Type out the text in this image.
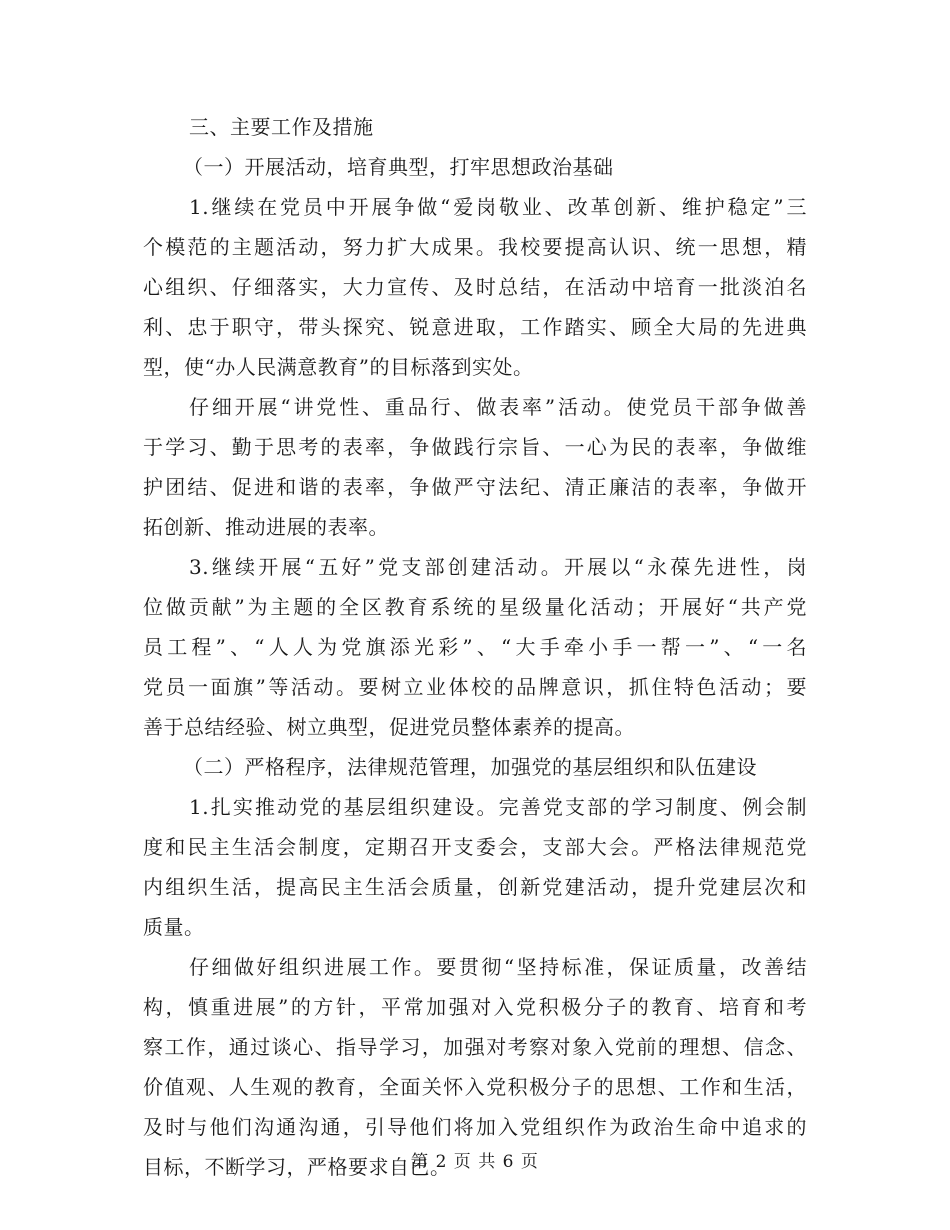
三、主要工作及措施
（一）开展活动，培育典型，打牢思想政治基础
1.继续在党员中开展争做“爱岗敬业、改革创新、维护稳定”三
个模范的主题活动，努力扩大成果。我校要提高认识、统一思想，精
心组织、仔细落实，大力宣传、及时总结，在活动中培育一批淡泊名
利、忠于职守，带头探究、锐意进取，工作踏实、顾全大局的先进典
型，使“办人民满意教育”的目标落到实处。
仔细开展“讲党性、重品行、做表率”活动。使党员干部争做善
于学习、勤于思考的表率，争做践行宗旨、一心为民的表率，争做维
护团结、促进和谐的表率，争做严守法纪、清正廉洁的表率，争做开
拓创新、推动进展的表率。
3.继续开展“五好”党支部创建活动。开展以“永葆先进性，岗
位做贡献”为主题的全区教育系统的星级量化活动；开展好“共产党
员工程”、“人人为党旗添光彩”、“大手牵小手一帮一”、“一名
党员一面旗”等活动。要树立业体校的品牌意识，抓住特色活动；要
善于总结经验、树立典型，促进党员整体素养的提高。
（二）严格程序，法律规范管理，加强党的基层组织和队伍建设
1.扎实推动党的基层组织建设。完善党支部的学习制度、例会制
度和民主生活会制度，定期召开支委会，支部大会。严格法律规范党
内组织生活，提高民主生活会质量，创新党建活动，提升党建层次和
质量。
仔细做好组织进展工作。要贯彻“坚持标准，保证质量，改善结
构，慎重进展”的方针，平常加强对入党积极分子的教育、培育和考
察工作，通过谈心、指导学习，加强对考察对象入党前的理想、信念、
价值观、人生观的教育，全面关怀入党积极分子的思想、工作和生活，
及时与他们沟通沟通，引导他们将加入党组织作为政治生命中追求的
目标，不断学习，严格要求自已。
第 2 页 共 6 页
